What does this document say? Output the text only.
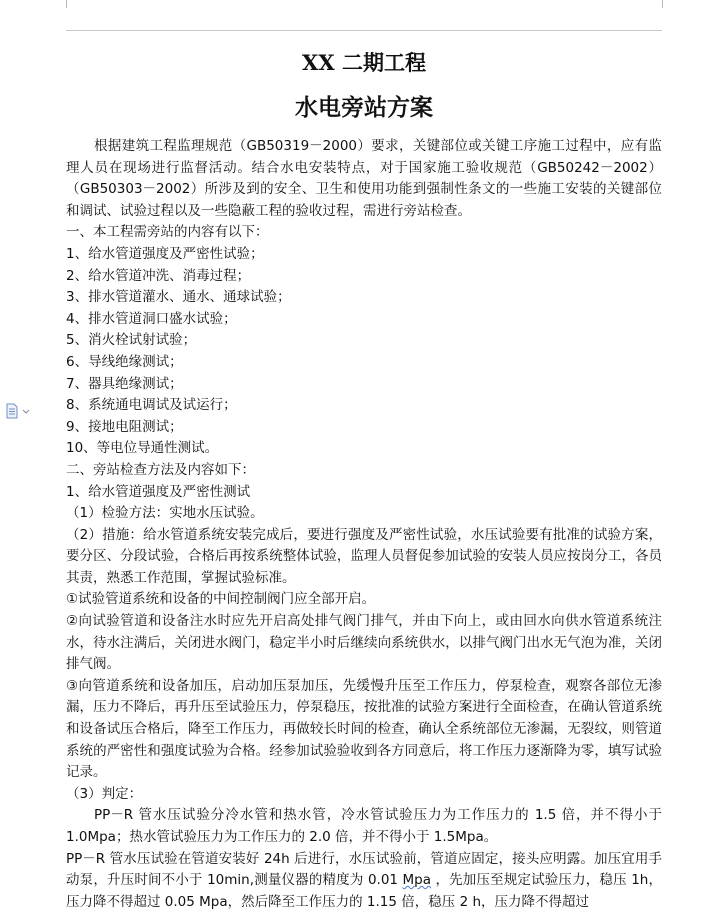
XX 二期工程
水电旁站方案

根据建筑工程监理规范（GB50319－2000）要求，关键部位或关键工序施工过程中，应有监理人员在现场进行监督活动。结合水电安装特点，对于国家施工验收规范（GB50242－2002）（GB50303－2002）所涉及到的安全、卫生和使用功能到强制性条文的一些施工安装的关键部位和调试、试验过程以及一些隐蔽工程的验收过程，需进行旁站检查。

一、本工程需旁站的内容有以下：

1、给水管道强度及严密性试验；

2、给水管道冲洗、消毒过程；

3、排水管道灌水、通水、通球试验；

4、排水管道洞口盛水试验；

5、消火栓试射试验；

6、导线绝缘测试；

7、器具绝缘测试；

8、系统通电调试及试运行；

9、接地电阻测试；

10、等电位导通性测试。

二、旁站检查方法及内容如下：

1、给水管道强度及严密性测试

（1）检验方法：实地水压试验。

（2）措施：给水管道系统安装完成后，要进行强度及严密性试验，水压试验要有批准的试验方案，要分区、分段试验，合格后再按系统整体试验，监理人员督促参加试验的安装人员应按岗分工，各员其责，熟悉工作范围，掌握试验标准。

①试验管道系统和设备的中间控制阀门应全部开启。

②向试验管道和设备注水时应先开启高处排气阀门排气，并由下向上，或由回水向供水管道系统注水，待水注满后，关闭进水阀门，稳定半小时后继续向系统供水，以排气阀门出水无气泡为准，关闭排气阀。

③向管道系统和设备加压，启动加压泵加压，先缓慢升压至工作压力，停泵检查，观察各部位无渗漏，压力不降后，再升压至试验压力，停泵稳压，按批准的试验方案进行全面检查，在确认管道系统和设备试压合格后，降至工作压力，再做较长时间的检查，确认全系统部位无渗漏，无裂纹，则管道系统的严密性和强度试验为合格。经参加试验验收到各方同意后，将工作压力逐渐降为零，填写试验记录。

（3）判定：

PP－R 管水压试验分冷水管和热水管，冷水管试验压力为工作压力的 1.5 倍，并不得小于 1.0Mpa；热水管试验压力为工作压力的 2.0 倍，并不得小于 1.5Mpa。

PP－R 管水压试验在管道安装好 24h 后进行，水压试验前，管道应固定，接头应明露。加压宜用手动泵，升压时间不小于 10min,测量仪器的精度为 0.01 Mpa ，先加压至规定试验压力，稳压 1h，压力降不得超过 0.05 Mpa，然后降至工作压力的 1.15 倍，稳压 2 h，压力降不得超过
